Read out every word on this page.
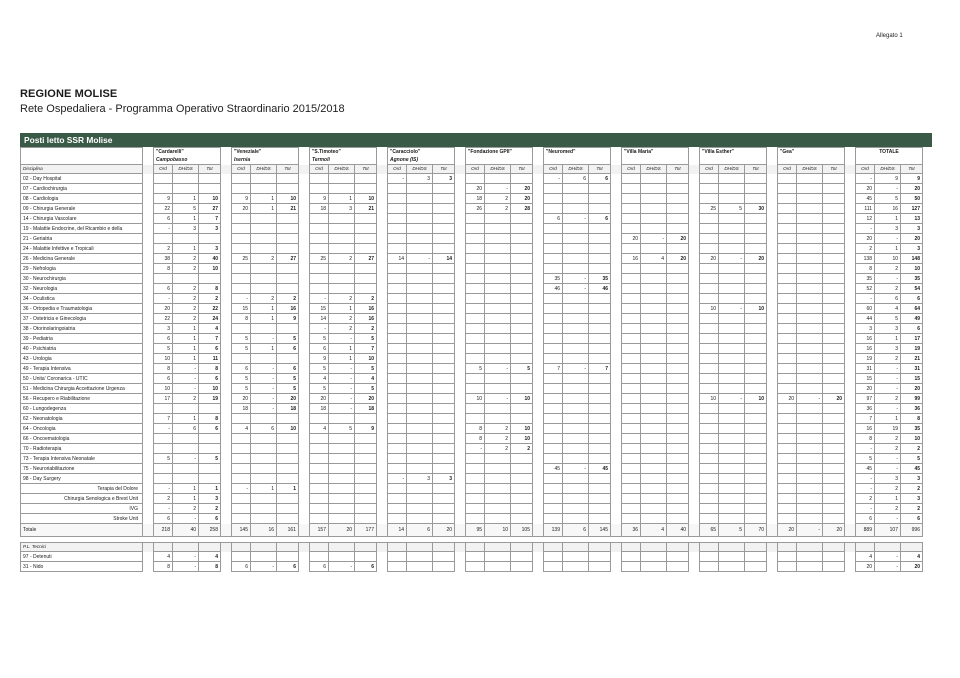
Allegato 1
REGIONE MOLISE
Rete Ospedaliera - Programma Operativo Straordinario 2015/2018
Posti letto SSR Molise
		"Cardarelli"				"Veneziale"				"S.Timoteo"				"Caracciolo"				"Fondazione GPII"				"Neuromed"				"Villa Maria"				"Villa Esther"				"Gea"				TOTALE		
		Campobasso				Isernia				Termoli				Agnone (IS)																										
Disciplina		Ord	DH/DS	Tot		Ord	DH/DS	Tot		Ord	DH/DS	Tot		Ord	DH/DS	Tot		Ord	DH/DS	Tot		Ord	DH/DS	Tot		Ord	DH/DS	Tot		Ord	DH/DS	Tot		Ord	DH/DS	Tot		Ord	DH/DS	Tot
02 - Day Hospital														-	3	3						-	6	6														-	9	9
07 - Cardiochirurgia																		20	-	20																		20	-	20
08 - Cardiologia		9	1	10		9	1	10		9	1	10						18	2	20																		45	5	50
09 - Chirurgia Generale		22	5	27		20	1	21		18	3	21						26	2	28										25	5	30						111	16	127
14 - Chirurgia Vascolare		6	1	7																		6	-	6														12	1	13
19 - Malattie Endocrine, del Ricambio e della		-	3	3																																		-	3	3
21 - Geriatria																										20	-	20										20	-	20
24 - Malattie Infettive e Tropicali		2	1	3																																		2	1	3
26 - Medicina Generale		38	2	40		25	2	27		25	2	27		14	-	14										16	4	20		20	-	20						138	10	148
29 - Nefrologia		8	2	10																																		8	2	10
30 - Neurochirurgia																						35	-	35														35	-	35
32 - Neurologia		6	2	8																		46	-	46														52	2	54
34 - Oculistica		-	2	2		-	2	2		-	2	2																										-	6	6
36 - Ortopedia e Traumatologia		20	2	22		15	1	16		15	1	16																		10	-	10						60	4	64
37 - Ostetricia e Ginecologia		22	2	24		8	1	9		14	2	16																										44	5	49
38 - Otorinolaringoiatria		3	1	4						-	2	2																										3	3	6
39 - Pediatria		6	1	7		5	-	5		5	-	5																										16	1	17
40 - Psichiatria		5	1	6		5	1	6		6	1	7																										16	3	19
43 - Urologia		10	1	11						9	1	10																										19	2	21
49 - Terapia Intensiva		8	-	8		6	-	6		5	-	5						5	-	5		7	-	7														31	-	31
50 - Unita' Coronarica - UTIC		6	-	6		5	-	5		4	-	4																										15	-	15
51 - Medicina Chirurgia Accettazione Urgenza		10	-	10		5	-	5		5	-	5																										20	-	20
56 - Recupero e Riabilitazione		17	2	19		20	-	20		20	-	20						10	-	10										10	-	10		20	-	20		97	2	99
60 - Lungodegenza						18	-	18		18	-	18																										36	-	36
62 - Neonatologia		7	1	8																																		7	1	8
64 - Oncologia		-	6	6		4	6	10		4	5	9						8	2	10																		16	19	35
66 - Oncoematologia																		8	2	10																		8	2	10
70 - Radioterapia																		-	2	2																		-	2	2
73 - Terapia Intensiva Neonatale		5	-	5																																		5	-	5
75 - Neuroriabilitazione																						45	-	45														45	-	45
98 - Day Surgery														-	3	3																						-	3	3
Terapia del Dolore		-	1	1		-	1	1																														-	2	2
Chirurgia Senologica e Brest Unit		2	1	3																																		2	1	3
IVG		-	2	2																																		-	2	2
Stroke Unit		6	-	6																																		6	-	6
Totale		218	40	258		145	16	161		157	20	177		14	6	20		95	10	105		139	6	145		36	4	40		65	5	70		20	-	20		889	107	996

P.L. Tecnici																																								
97 - Detenuti		4	-	4																																		4	-	4
31 - Nido		8	-	8		6	-	6		6	-	6																										20	-	20
